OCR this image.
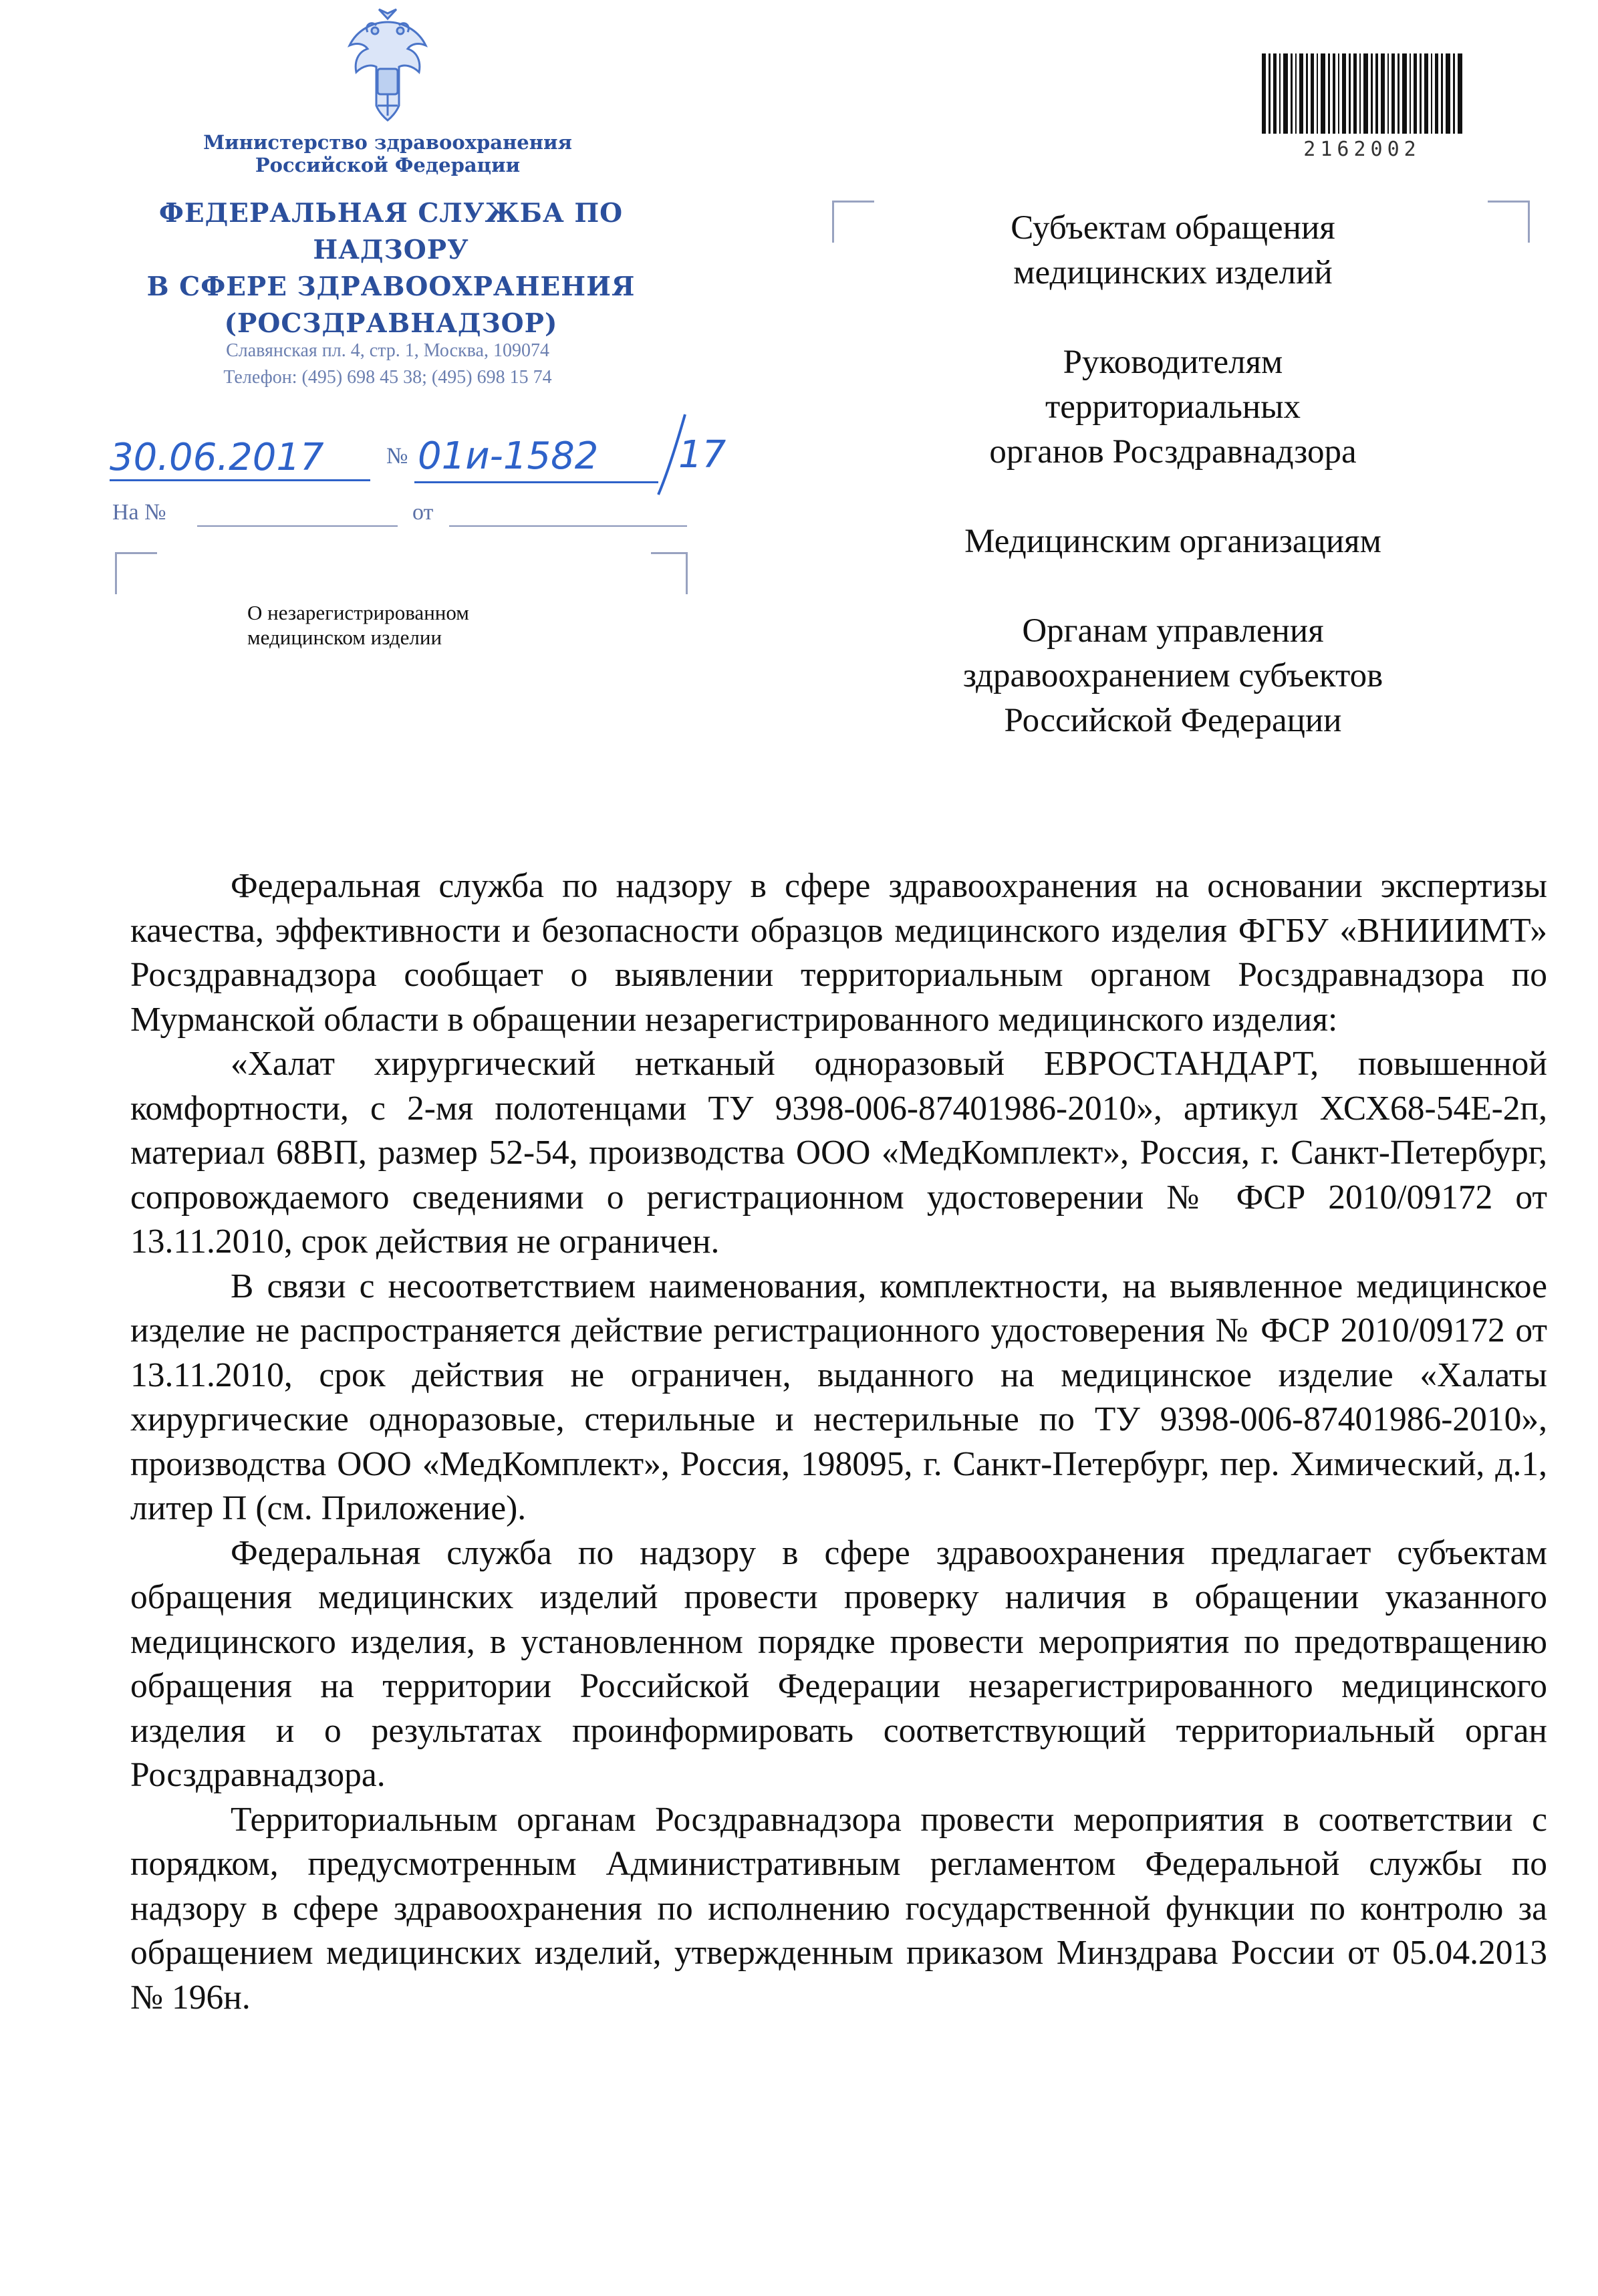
Министерство здравоохранения
Российской Федерации
ФЕДЕРАЛЬНАЯ СЛУЖБА ПО НАДЗОРУ
В СФЕРЕ ЗДРАВООХРАНЕНИЯ
(РОСЗДРАВНАДЗОР)
Славянская пл. 4, стр. 1, Москва, 109074
Телефон: (495) 698 45 38; (495) 698 15 74
30.06.2017	№ 01и-1582 17
На №	от
О незарегистрированном
медицинском изделии
2162002
Субъектам обращения
медицинских изделий
Руководителям
территориальных
органов Росздравнадзора
Медицинским организациям
Органам управления
здравоохранением субъектов
Российской Федерации

Федеральная служба по надзору в сфере здравоохранения на основании экспертизы качества, эффективности и безопасности образцов медицинского изделия ФГБУ «ВНИИИМТ» Росздравнадзора сообщает о выявлении территориальным органом Росздравнадзора по Мурманской области в обращении незарегистрированного медицинского изделия:

«Халат хирургический нетканый одноразовый ЕВРОСТАНДАРТ, повышенной комфортности, с 2-мя полотенцами ТУ 9398-006-87401986-2010», артикул ХСХ68-54Е-2п, материал 68ВП, размер 52-54, производства ООО «МедКомплект», Россия, г. Санкт-Петербург, сопровождаемого сведениями о регистрационном удостоверении № ФСР 2010/09172 от 13.11.2010, срок действия не ограничен.

В связи с несоответствием наименования, комплектности, на выявленное медицинское изделие не распространяется действие регистрационного удостоверения № ФСР 2010/09172 от 13.11.2010, срок действия не ограничен, выданного на медицинское изделие «Халаты хирургические одноразовые, стерильные и нестерильные по ТУ 9398-006-87401986-2010», производства ООО «МедКомплект», Россия, 198095, г. Санкт-Петербург, пер. Химический, д.1, литер П (см. Приложение).

Федеральная служба по надзору в сфере здравоохранения предлагает субъектам обращения медицинских изделий провести проверку наличия в обращении указанного медицинского изделия, в установленном порядке провести мероприятия по предотвращению обращения на территории Российской Федерации незарегистрированного медицинского изделия и о результатах проинформировать соответствующий территориальный орган Росздравнадзора.

Территориальным органам Росздравнадзора провести мероприятия в соответствии с порядком, предусмотренным Административным регламентом Федеральной службы по надзору в сфере здравоохранения по исполнению государственной функции по контролю за обращением медицинских изделий, утвержденным приказом Минздрава России от 05.04.2013 № 196н.
